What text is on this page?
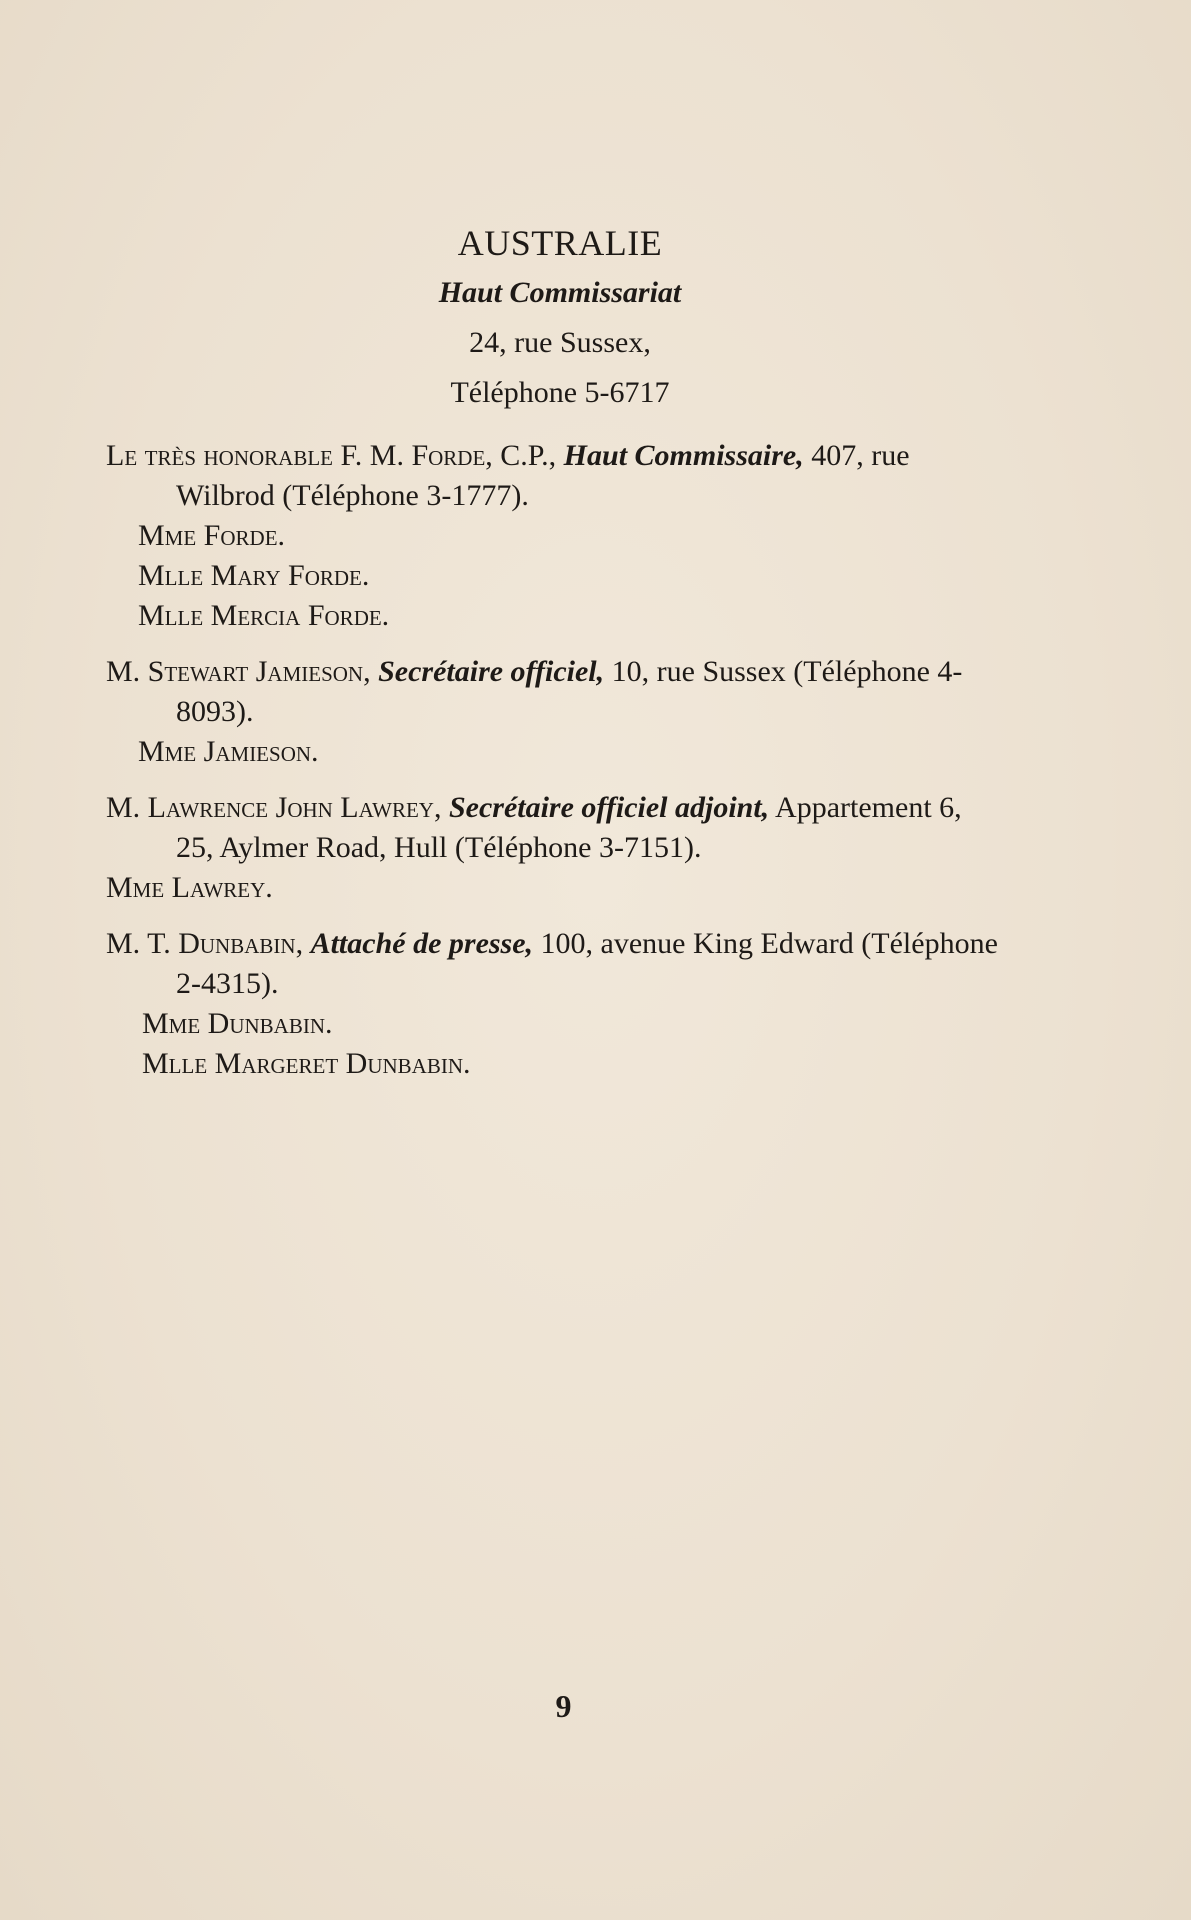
AUSTRALIE

Haut Commissariat

24, rue Sussex,

Téléphone 5-6717

Le très honorable F. M. Forde, C.P., Haut Commissaire, 407, rue Wilbrod (Téléphone 3-1777).

Mme Forde.

Mlle Mary Forde.

Mlle Mercia Forde.

M. Stewart Jamieson, Secrétaire officiel, 10, rue Sussex (Téléphone 4-8093).

Mme Jamieson.

M. Lawrence John Lawrey, Secrétaire officiel adjoint, Appartement 6, 25, Aylmer Road, Hull (Téléphone 3-7151).

Mme Lawrey.

M. T. Dunbabin, Attaché de presse, 100, avenue King Edward (Téléphone 2-4315).

Mme Dunbabin.

Mlle Margeret Dunbabin.

9
